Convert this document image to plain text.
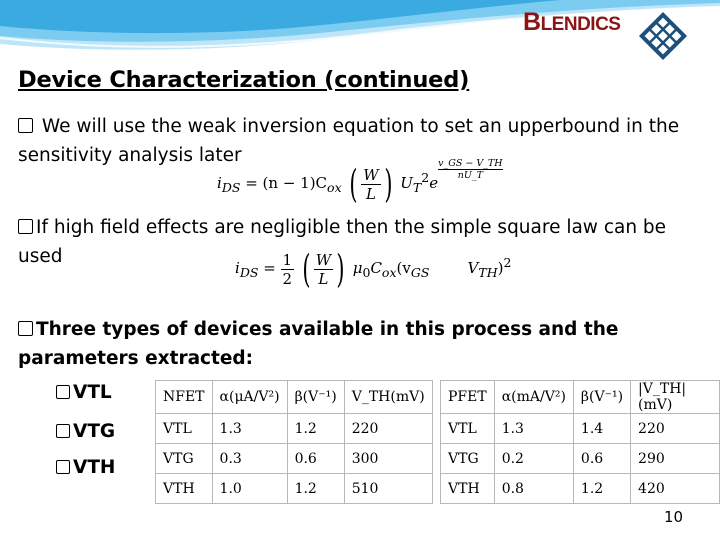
BLENDICS
Device Characterization (continued)
We will use the weak inversion equation to set an upperbound in the sensitivity analysis later
$i_{DS} = (n - 1)C_{ox}$ ( $\frac{W}{L}$ ) $U_T^2e$
$^{\frac{v\_GS - V\_TH}{nU\_T}}$
If high field effects are negligible then the simple square law can be used
$i_{DS} = \frac{1}{2}$ ( $\frac{W}{L}$ ) $\mu_0C_{ox}(v_{GS}$	$V_{TH})^2$
Three types of devices available in this process and the parameters extracted:
VTL
VTG
VTH
NFET	α(μA/V²)	β(V⁻¹)	V_TH(mV)
VTL	1.3	1.2	220
VTG	0.3	0.6	300
VTH	1.0	1.2	510
PFET	α(mA/V²)	β(V⁻¹)	|V_TH|(mV)
VTL	1.3	1.4	220
VTG	0.2	0.6	290
VTH	0.8	1.2	420
10
